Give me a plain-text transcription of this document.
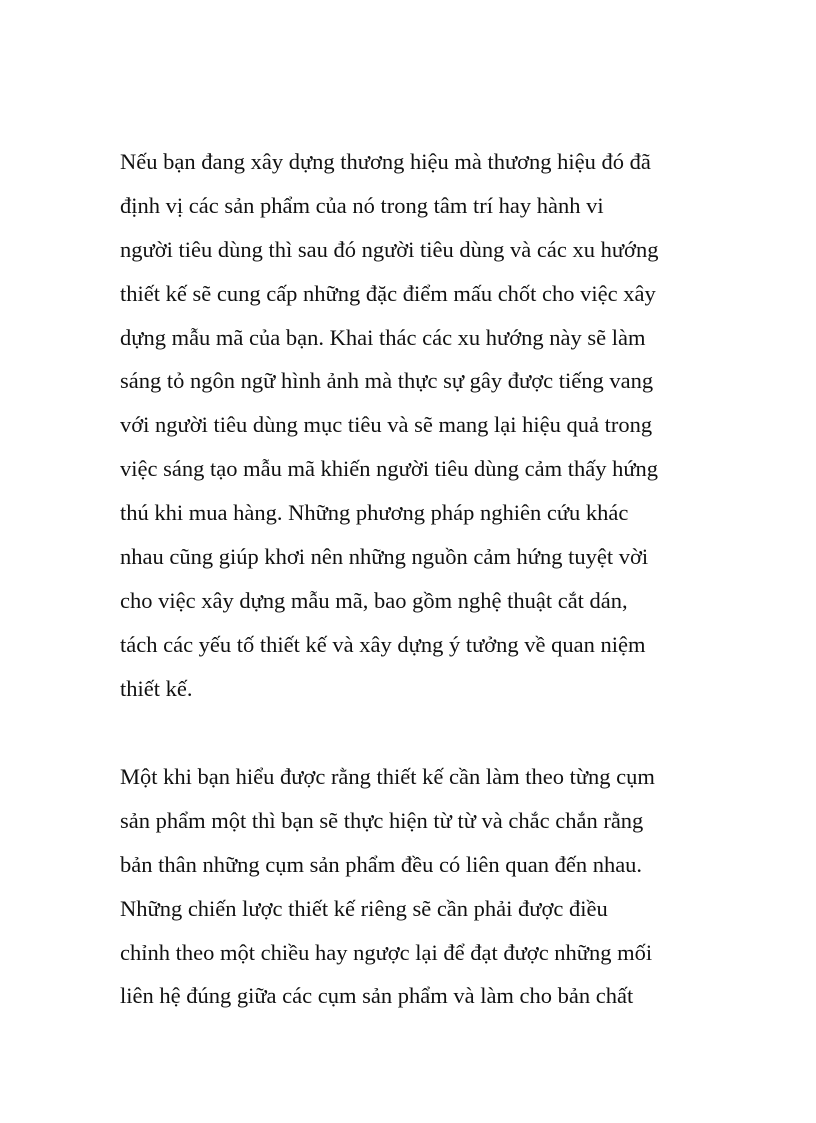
Nếu bạn đang xây dựng thương hiệu mà thương hiệu đó đã
định vị các sản phẩm của nó trong tâm trí hay hành vi
người tiêu dùng thì sau đó người tiêu dùng và các xu hướng
thiết kế sẽ cung cấp những đặc điểm mấu chốt cho việc xây
dựng mẫu mã của bạn. Khai thác các xu hướng này sẽ làm
sáng tỏ ngôn ngữ hình ảnh mà thực sự gây được tiếng vang
với người tiêu dùng mục tiêu và sẽ mang lại hiệu quả trong
việc sáng tạo mẫu mã khiến người tiêu dùng cảm thấy hứng
thú khi mua hàng. Những phương pháp nghiên cứu khác
nhau cũng giúp khơi nên những nguồn cảm hứng tuyệt vời
cho việc xây dựng mẫu mã, bao gồm nghệ thuật cắt dán,
tách các yếu tố thiết kế và xây dựng ý tưởng về quan niệm
thiết kế.
Một khi bạn hiểu được rằng thiết kế cần làm theo từng cụm
sản phẩm một thì bạn sẽ thực hiện từ từ và chắc chắn rằng
bản thân những cụm sản phẩm đều có liên quan đến nhau.
Những chiến lược thiết kế riêng sẽ cần phải được điều
chỉnh theo một chiều hay ngược lại để đạt được những mối
liên hệ đúng giữa các cụm sản phẩm và làm cho bản chất
